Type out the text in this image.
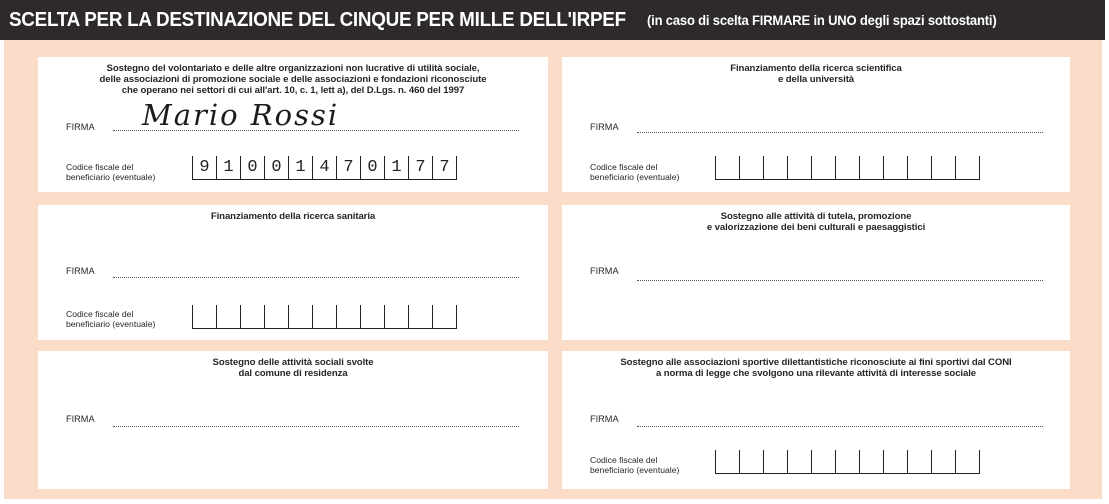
SCELTA PER LA DESTINAZIONE DEL CINQUE PER MILLE DELL'IRPEF (in caso di scelta FIRMARE in UNO degli spazi sottostanti)
Sostegno del volontariato e delle altre organizzazioni non lucrative di utilità sociale,
delle associazioni di promozione sociale e delle associazioni e fondazioni riconosciute
che operano nei settori di cui all'art. 10, c. 1, lett a), del D.Lgs. n. 460 del 1997
FIRMA Mario Rossi
Codice fiscale del
beneficiario (eventuale)	9 1 0 0 1 4 7 0 1 7 7
Finanziamento della ricerca scientifica
e della università
FIRMA
Codice fiscale del
beneficiario (eventuale)
Finanziamento della ricerca sanitaria
FIRMA
Codice fiscale del
beneficiario (eventuale)
Sostegno alle attività di tutela, promozione
e valorizzazione dei beni culturali e paesaggistici
FIRMA
Sostegno delle attività sociali svolte
dal comune di residenza
FIRMA
Sostegno alle associazioni sportive dilettantistiche riconosciute ai fini sportivi dal CONI
a norma di legge che svolgono una rilevante attività di interesse sociale
FIRMA
Codice fiscale del
beneficiario (eventuale)
